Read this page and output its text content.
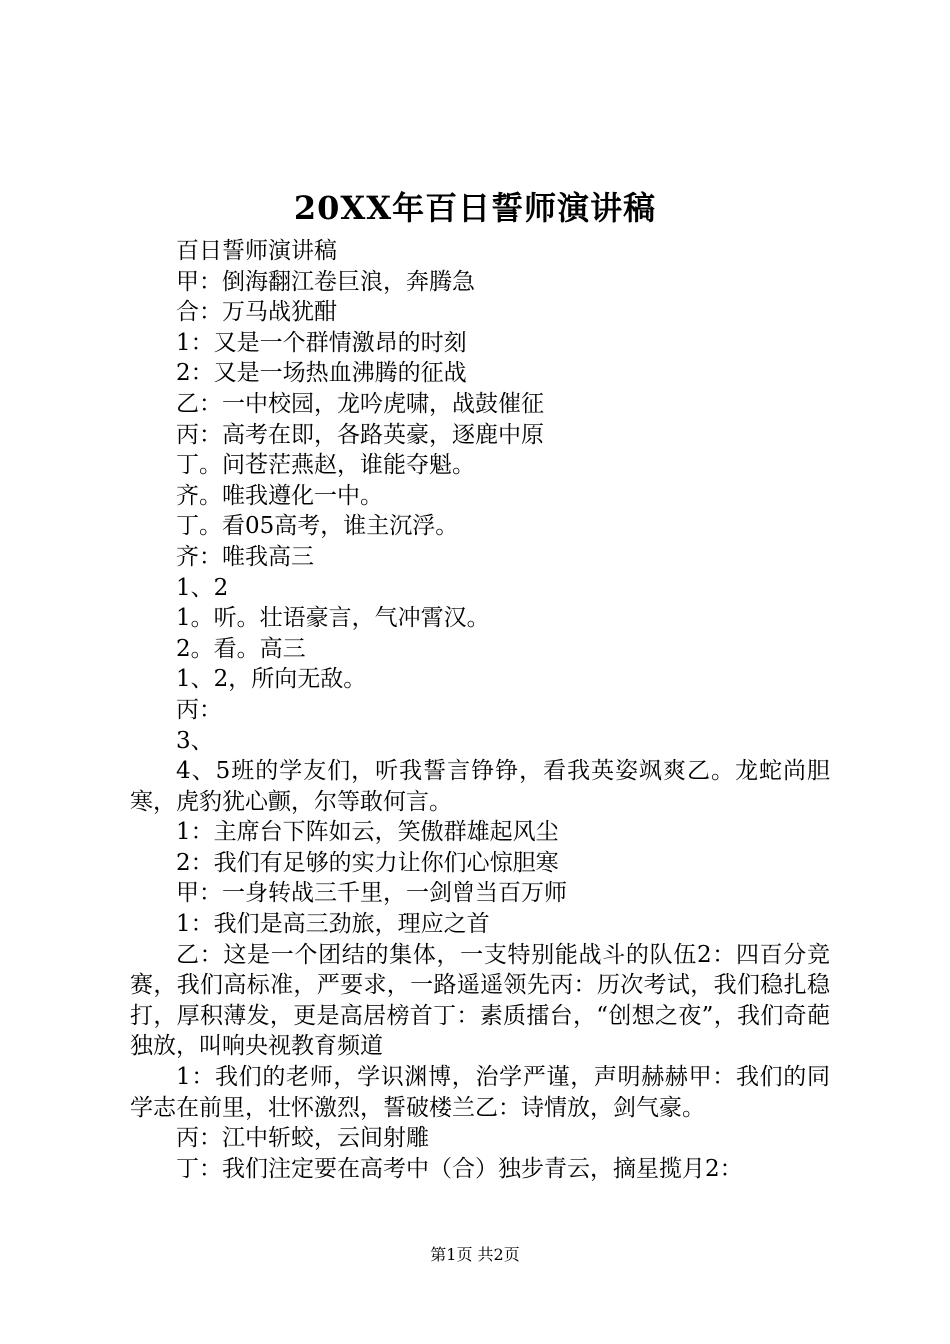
20XX年百日誓师演讲稿

百日誓师演讲稿

甲：倒海翻江卷巨浪，奔腾急

合：万马战犹酣

1：又是一个群情激昂的时刻

2：又是一场热血沸腾的征战

乙：一中校园，龙吟虎啸，战鼓催征

丙：高考在即，各路英豪，逐鹿中原

丁。问苍茫燕赵，谁能夺魁。

齐。唯我遵化一中。

丁。看05高考，谁主沉浮。

齐：唯我高三

1、2

1。听。壮语豪言，气冲霄汉。

2。看。高三

1、2，所向无敌。

丙：

3、

4、5班的学友们，听我誓言铮铮，看我英姿飒爽乙。龙蛇尚胆寒，虎豹犹心颤，尔等敢何言。

1：主席台下阵如云，笑傲群雄起风尘

2：我们有足够的实力让你们心惊胆寒

甲：一身转战三千里，一剑曾当百万师

1：我们是高三劲旅，理应之首

乙：这是一个团结的集体，一支特别能战斗的队伍2：四百分竞赛，我们高标准，严要求，一路遥遥领先丙：历次考试，我们稳扎稳打，厚积薄发，更是高居榜首丁：素质擂台，“创想之夜”，我们奇葩独放，叫响央视教育频道

1：我们的老师，学识渊博，治学严谨，声明赫赫甲：我们的同学志在前里，壮怀激烈，誓破楼兰乙：诗情放，剑气豪。

丙：江中斩蛟，云间射雕

丁：我们注定要在高考中（合）独步青云，摘星揽月2：

第1页 共2页
